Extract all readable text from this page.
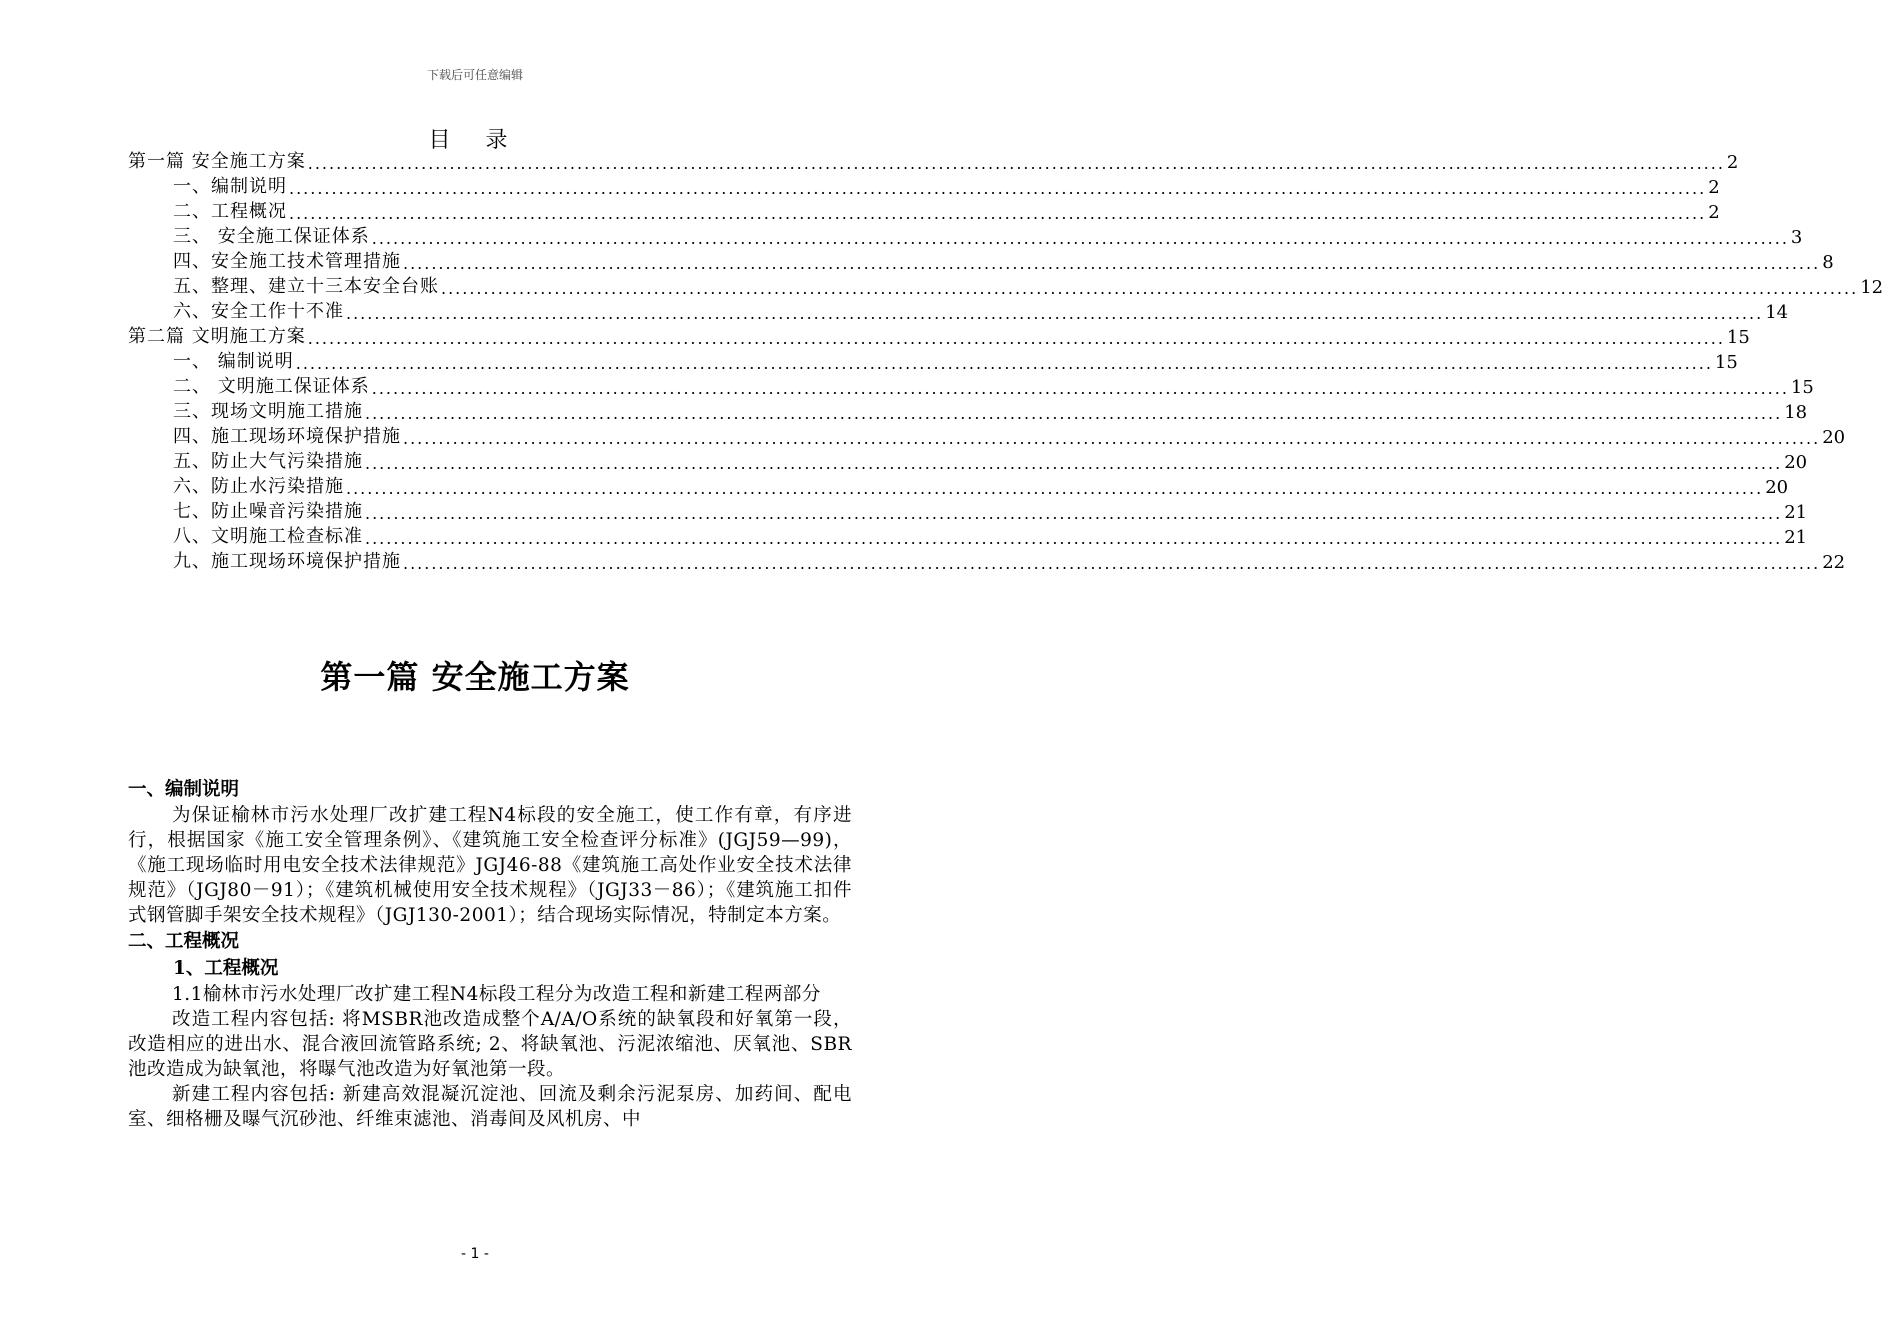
下载后可任意编辑
目 录
第一篇 安全施工方案 ........................................................................................................................................................................................................ 2
一、编制说明 ........................................................................................................................................................................................................ 2
二、工程概况 ........................................................................................................................................................................................................ 2
三、 安全施工保证体系 ........................................................................................................................................................................................................ 3
四、安全施工技术管理措施 ........................................................................................................................................................................................................ 8
五、整理、建立十三本安全台账 ........................................................................................................................................................................................................ 12
六、安全工作十不准 ........................................................................................................................................................................................................ 14
第二篇 文明施工方案 ........................................................................................................................................................................................................ 15
一、 编制说明 ........................................................................................................................................................................................................ 15
二、 文明施工保证体系 ........................................................................................................................................................................................................ 15
三、现场文明施工措施 ........................................................................................................................................................................................................ 18
四、施工现场环境保护措施 ........................................................................................................................................................................................................ 20
五、防止大气污染措施 ........................................................................................................................................................................................................ 20
六、防止水污染措施 ........................................................................................................................................................................................................ 20
七、防止噪音污染措施 ........................................................................................................................................................................................................ 21
八、文明施工检查标准 ........................................................................................................................................................................................................ 21
九、施工现场环境保护措施 ........................................................................................................................................................................................................ 22
第一篇 安全施工方案
一、编制说明

为保证榆林市污水处理厂改扩建工程N4标段的安全施工，使工作有章，有序进行，根据国家《施工安全管理条例》、《建筑施工安全检查评分标准》(JGJ59—99)，《施工现场临时用电安全技术法律规范》JGJ46-88《建筑施工高处作业安全技术法律规范》（JGJ80－91）；《建筑机械使用安全技术规程》（JGJ33－86）；《建筑施工扣件式钢管脚手架安全技术规程》（JGJ130-2001）；结合现场实际情况，特制定本方案。

二、工程概况
1、工程概况

1.1榆林市污水处理厂改扩建工程N4标段工程分为改造工程和新建工程两部分

改造工程内容包括: 将MSBR池改造成整个A/A/O系统的缺氧段和好氧第一段，改造相应的进出水、混合液回流管路系统; 2、将缺氧池、污泥浓缩池、厌氧池、SBR池改造成为缺氧池，将曝气池改造为好氧池第一段。

新建工程内容包括: 新建高效混凝沉淀池、回流及剩余污泥泵房、加药间、配电室、细格栅及曝气沉砂池、纤维束滤池、消毒间及风机房、中

- 1 -
